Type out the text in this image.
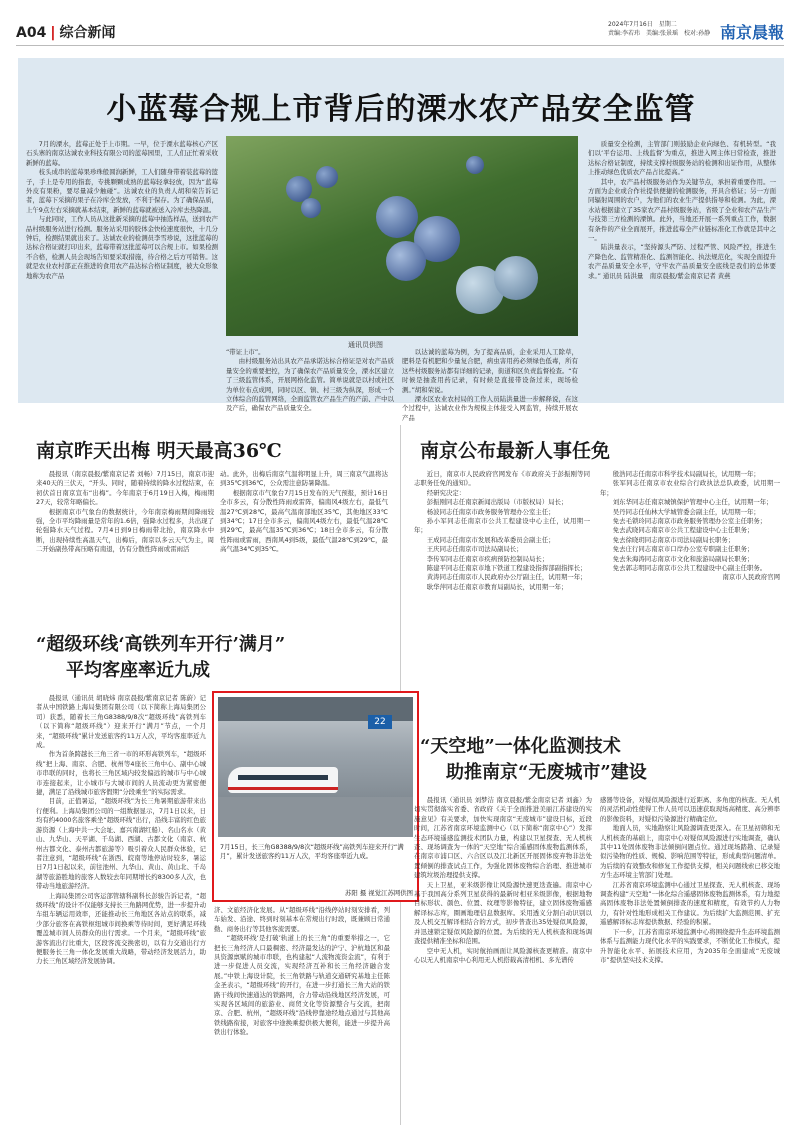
A04 | 综合新闻
2024年7月16日　星期二
责编:李若玮　美编:张景瑶　校对:孙静 南京晨報
小蓝莓合规上市背后的溧水农产品安全监管

7月的溧水，蓝莓正处于上市期。一早，位于溧水蓝莓核心产区石头寨的南京达诚农业科技有限公司的蓝莓园里，工人们正忙着采收新鲜的蓝莓。

枝头成串的蓝莓果珍珠般圆润新鲜，工人们随身带着装蓝莓的篮子，手上是专用的指套，专挑颗颗成熟的蓝莓轻拿轻放，因为“蓝莓外皮有果粉，要尽量减少触碰”。达诚农业的负责人胡和荣告诉记者，蓝莓下采摘的果子在冷库全发放，不利于保存。为了确保品质，上午9点左右采摘就基本结束，新鲜的蓝莓就被送入冷库去热降温。

与此同时，工作人员从这批新采摘的蓝莓中抽选样品，送到农产品村级服务站进行检测。服务站采用的胶体金快检速度很快，十几分钟后，检测结果就出来了。达诚农业的检测员李雪珍说，这批蓝莓的达标合格证就打印出来，蓝莓带着这批蓝莓可以合规上市。如果检测不合格，检测人员会现场告知要采取措施，待合格之后方可销售。这就是农业农村部正在推进的食用农产品达标合格证制度，被大众形象地称为农产品

通讯员供图

“带证上市”。

由村级服务站出具农产品承诺达标合格证是对农产品质量安全的重要把控，为了确保农产品质量安全，溧水区建立了三级监管体系，开展网格化监管。简单说就是以村或社区为单位布点成网，同时以区、镇、村三级为纵深，形成一个立体综合的监管网络，全面监管农产品生产的产前、产中以及产后，确保农产品质量安全。

以达诚的蓝莓为例，为了提高品质，企业采用人工除草，肥料是有机肥和少量复合肥，病虫害用药必须绿色低毒，所有这些村级服务站都有详细的记录，街道和区负责监督检查。“有时候是抽查用药记录，有时候是直接带设备过来，现场检测。”胡和荣说。

溧水区农业农村局的工作人员陆洪量进一步解释说，在这个过程中，达诚农业作为规模主体接受入网监管，持续开展农产品

质量安全检测，主管部门则鼓励企业向绿色、有机转型。“我们以‘平台运用、上线监督’为重点，推进入网主体日常检查，推进达标合格证制度，持续支撑村级服务站的检测和出证作用，从整体上推动绿色优质农产品占比提高。”

其中，农产品村级服务站作为关键节点，承担着重要作用。一方面为企业或合作社提供便捷的检测服务，开具合格证；另一方面同辐射周围的农户，为他们的农业生产提供指导和检测。为此，溧水站根据建立了35家农产品村级服务站，省级了全业和农产品生产与技第三方检测的溧镇。此外，当地还开展一系列重点工作，数据有条件的产业全面展开，推进蓝莓全产业链标准化工作就是其中之一。

陆洪量表示，“坚持源头严防、过程严管、风险严控，推进生产降色化、监管精准化、监测智能化、执法规范化，实现全面提升农产品质量安全水平，守牢农产品质量安全底线是我们的总体要求。” 通讯员 陆洪量　南京晨报/紫金南京记者 黄燕

南京昨天出梅 明天最高36℃

晨报讯（南京晨报/紫南京记者 刘畅）7月15日，南京市迎来40天的三伏天，“开头、同时，随着持续的降水过程结束，在初伏首日南京宣布“出梅”。今年南京于6月19日入梅，梅雨期27天，较常年略偏长。

根据南京市气象台的数据统计，今年南京梅雨期间降雨较强，全市平均降雨量是常年的1.6倍，强降水过程多，共出现了轮强降水天气过程。7月4日到9日梅雨带北抬，南京降水中断，出现持续性高温天气，出梅后，南京以多云天气为主，周二开始副热带高压略有南退，仍有分散性阵雨或雷雨活

动。此外，出梅后南京气温将明显上升，周三南京气温将达到35℃到36℃，公众需注意防暑降温。

根据南京市气象台7月15日发布的天气预报，预计16日全市多云，有分散性阵雨或雷阵，偏南风4级左右，最低气温27℃到28℃，最高气温南部地区35℃，其他地区33℃到34℃；17日全市多云，偏南风4级左右，最低气温28℃到29℃，最高气温35℃到36℃；18日全市多云，有分散性阵雨或雷雨，西南风4到5级，最低气温28℃到29℃，最高气温34℃到35℃。

“超级环线‘高铁列车开行’满月”
平均客座率近九成

晨报讯（通讯员 胡晓炜 南京晨报/紫南京记者 陈蔚）记者从中国铁路上海局集团有限公司（以下简称上海局集团公司）获悉，随着长三角G8388/9/8次“超级环线”高铁列车（以下简称“超级环线”）迎来开行“满月”节点，一个月来，“超级环线”累计发送旅客约11万人次，平均客座率近九成。

作为首条跨越长三角三省一市的环形高铁列车，“超级环线”把上海、南京、合肥、杭州等4座长三角中心、副中心城市串联的同时，也将长三角区域内较发偏远的城市与中心城市连接起来，让小城市与大城市间的人员流动更为紧密便捷，满足了沿线城市旅客假期“分段乘坐”的实际需求。

目前，正值暑运，“超级环线”为长三角暑期旅游带来出行便利。上海局集团公司的一组数据显示，7月1日以来，日均有约4000名旅客乘坐“超级环线”出行，沿线丰富的红色旅游资源（上海中共一大会址、嘉兴南湖红船）、名山名水（黄山、九华山、天平湖、千岛湖、西湖、古都文化（南京、杭州古都文化、泰州古都旅游等）吸引着众人民群众体验，记者注意到，“超级环线”在浙西、皖南等地停站时较多，暑运日7月1日起以来，前往池州、九华山、黄山、黄山北、千岛湖等旅游胜地的旅客人数较去年同期增长约8300多人次，也带动当地旅游经济。

上海局集团公司客运部管辖科副科长彭骏告诉记者，“超级环线”的设计不仅能够支持长三角路网优势，进一步提升动车组车辆运用效率，还能推动长三角地区各站点的联系，减少部分旅客在高铁枢纽城市间换乘等待时间，更好满足环线覆盖城市间人员群众的出行需求。一个月来，“超级环线”旅游客流出行比重大，区段客流交换密切，以有力交通出行方便服务长三角一体化发展重大战略，带动经济发展活力，助力长三角区域经济发展协调。

22
7月15日，长三角G8388/9/8次“超级环线”高铁列车迎来开行“满月”，累计发送旅客约11万人次，平均客座率近九成。
苏阳 摄 视觉江苏网供图

济、文旅经济化发展。从“超级环线”沿线停站时刻安排看，列车始发、沿途、终到时刻基本在常规出行时段，既兼顾日常通勤、商务出行等其他客流需要。

“超级环线‘是打破’轨道上的长三角”的重要举措之一，它把长三角经济人口最稠密、经济最发达的沪宁、沪杭地区和最具资源禀赋的城市串联，也构建起“人流物流资金流”，有利于进一步促进人员交流，实现经济互补和长三角经济融合发展。”中铁上海设计院，长三角铁路与轨道交通研究基地主任陈金圣表示，“超级环线”的开行，在进一步打通长三角大站的铁路干线间快速通达的铁路网，合力带动沿线地区经济发展，可实现各区域间的旅游业、商贸文化等资源整合与交流，把南京、合肥、杭州，“超级环线”沿线停靠途经地点通过与其他高铁线路衔接，对旅客中途换乘提供极大便利，能进一步提升高铁出行体验。

南京公布最新人事任免

近日，南京市人民政府官网发布《市政府关于彭振刚等同志职务任免的通知》。

经研究决定：

彭振刚同志任南京新闻出版局（市版权局）局长；

杨波同志任南京市政务服务管理办公室主任；

孙小军同志任南京市公共工程建设中心主任，试用期一年；

王成同志任南京市发展和改革委员会副主任；

王庆同志任南京市司法局副局长；

李传军同志任南京市疾病预防控制局局长；

陈建平同志任南京市地下铁道工程建设指挥部副指挥长；

黄涛同志任南京市人民政府办公厅副主任，试用期一年；

耿华萍同志任南京市教育局副局长，试用期一年；

殷浩同志任南京市科学技术局副局长，试用期一年；

张军同志任南京市农业综合行政执法总队政委，试用期一年；

刘东华同志任南京城镇保护管理中心主任，试用期一年；

吴丹同志任仙林大学城管委会副主任，试用期一年；

免去毛锁玲同志南京市政务服务管理办公室主任职务；

免去武晓同志南京市公共工程建设中心主任职务；

免去徐晓玥同志南京市司法局副局长职务；

免去庄行同志南京市口岸办公室专职副主任职务；

免去朱海涛同志南京市文化和旅游局副局长职务；

免去郭志明同志南京市公共工程建设中心副主任职务。

南京市人民政府官网

“天空地”一体化监测技术
助推南京“无废城市”建设

晨报讯（通讯员 刘梦洁 南京晨报/紫金南京记者 刘鑫）为切实贯彻落实省委、省政府《关于全面推进美丽江苏建设的实施意见》有关要求，加快实现南京“无废城市”建设目标，近段时间，江苏省南京环境监测中心（以下简称“南京中心”）发挥生态环境遥感监测技术团队力量，构建以卫星探查、无人机核查、现场调查为一体的“天空地”综合遥感固体废物监测体系，在南京市浦口区、六合区以及江北新区开展固体废弃物非法处置倾倒的排查试点工作，为强化固体废物综合治理、推进城市建筑垃圾治理提供支撑。

天上卫星，亚米级影像让风险源快速更迭查遍。南京中心基于我国高分系列卫星获得的最新时相亚米级影像，根据地物目标形状、颜色、位置、纹理等影像特征，建立固体废物遥感解译标志库，圈画地理信息数据库。采用透义分割自动识别以及人机交互解译相结合的方式，初步普查出35处疑似风险源，并迅速锁定疑似风险源的位置。为后续的无人机核查和现场调查提供精准坐标和范围。

空中无人机，实时航拍画面让风险源核查更精准。南京中心以无人机南京中心利用无人机搭载高清相机、多光谱传

感器等设备，对疑似风险源进行近距离、多角度的核查。无人机的灵活机动性使得工作人员可以迅速获取现场高精度、高分辨率的影像资料，对疑似污染源进行精确定位。

地面人员，实地勘察让风险源调查更深入。在卫星初筛和无人机核查的基础上，南京中心对疑似风险源进行实地调查，确认其中11处固体废物非法倾倒问题点位。通过现场踏勘、记录疑似污染物的性质、规模、影响范围等特征，形成典型问题清单。为后续的有效整改和修复工作提供支撑，相关问题线索已移交地方生态环境主管部门处理。

江苏省南京环境监测中心通过卫星探查、无人机核查、现场调查构建“天空地”一体化综合遥感固体废物监测体系，有力地提高固体废物非法处置倾倒排查的速度和精度，有效节约人力物力，有针对性地形成相关工作建议。为后续扩大监测范围、扩充遥感解译标志库提供数据、经验的积累。

下一步，江苏省南京环境监测中心将围绕提升生态环境监测体系与监测能力现代化水平的实践要求，不断优化工作模式，提升智能化水平、拓展技术应用，为2035年全面建成“无废城市”提供坚实技术支撑。
